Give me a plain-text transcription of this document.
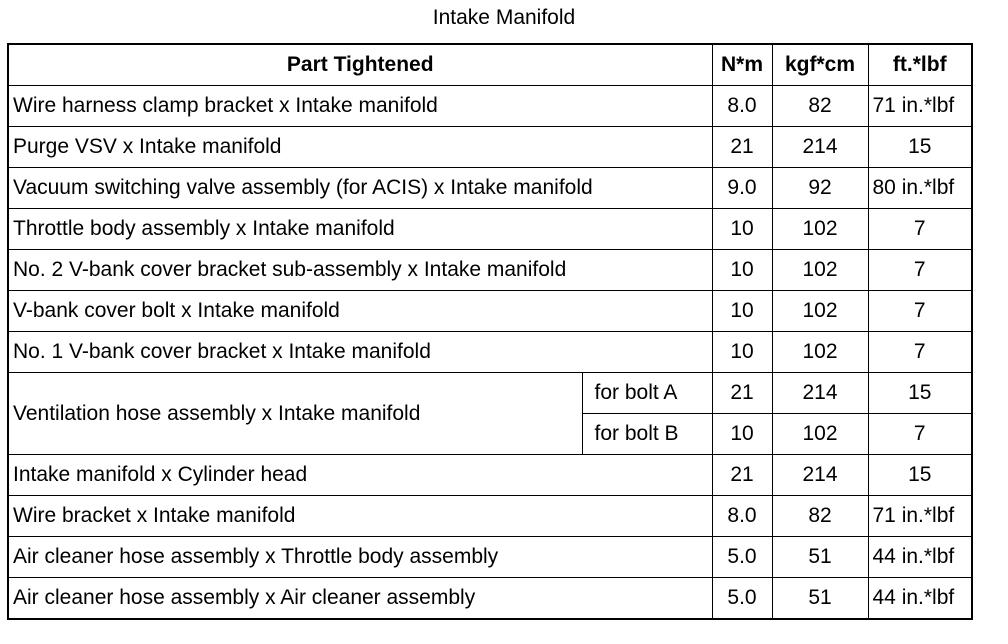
Intake Manifold
Part Tightened		N*m	kgf*cm	ft.*lbf
Wire harness clamp bracket x Intake manifold		8.0	82	71 in.*lbf
Purge VSV x Intake manifold		21	214	15
Vacuum switching valve assembly (for ACIS) x Intake manifold		9.0	92	80 in.*lbf
Throttle body assembly x Intake manifold		10	102	7
No. 2 V-bank cover bracket sub-assembly x Intake manifold		10	102	7
V-bank cover bolt x Intake manifold		10	102	7
No. 1 V-bank cover bracket x Intake manifold		10	102	7
Ventilation hose assembly x Intake manifold	for bolt A	21	214	15
	for bolt B	10	102	7
Intake manifold x Cylinder head		21	214	15
Wire bracket x Intake manifold		8.0	82	71 in.*lbf
Air cleaner hose assembly x Throttle body assembly		5.0	51	44 in.*lbf
Air cleaner hose assembly x Air cleaner assembly		5.0	51	44 in.*lbf
